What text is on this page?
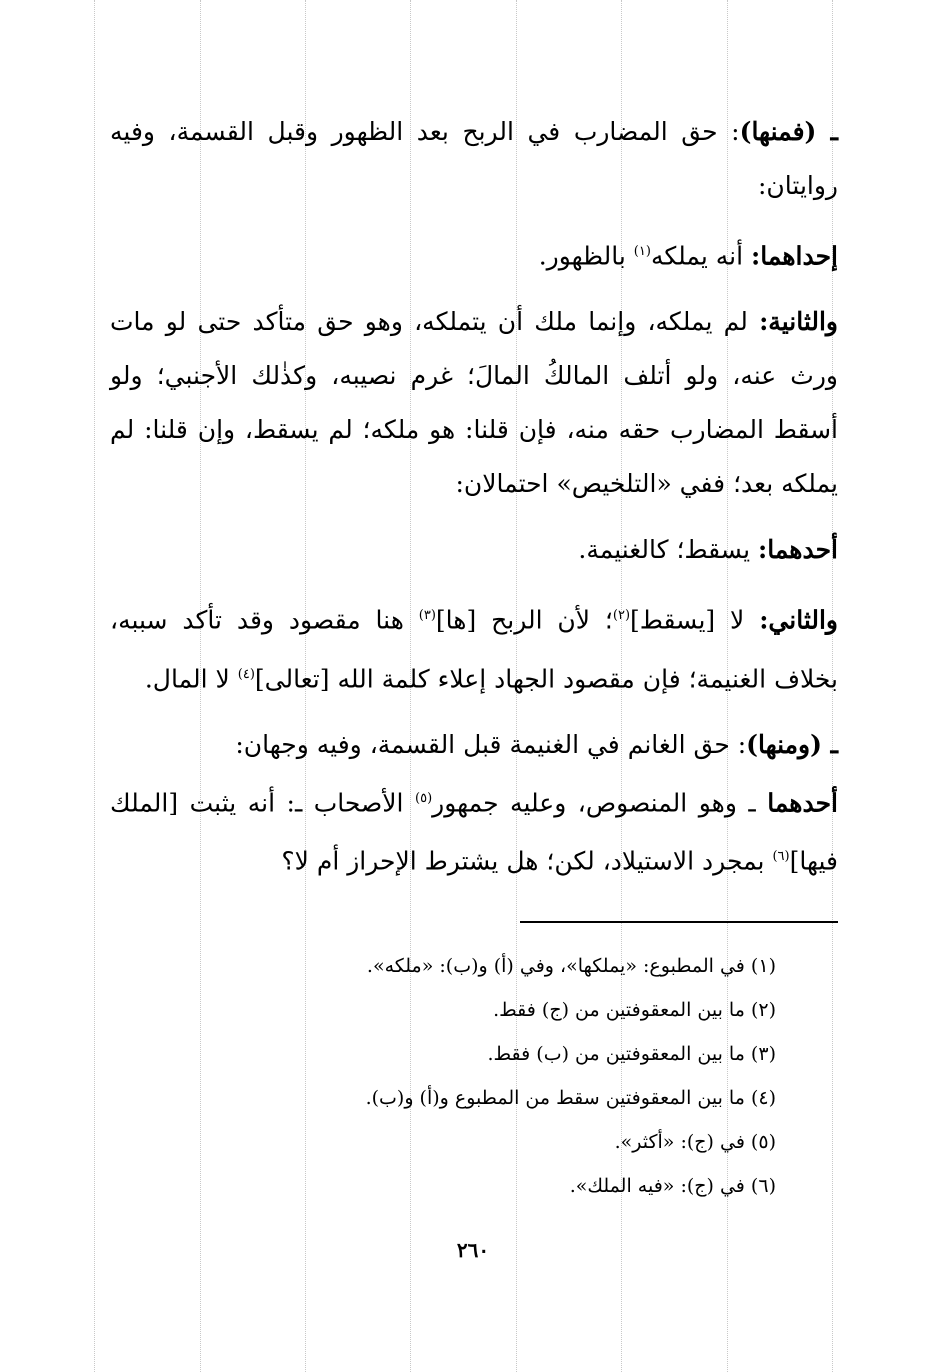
ـ (فمنها): حق المضارب في الربح بعد الظهور وقبل القسمة، وفيه روايتان:

إحداهما: أنه يملكه$^{(١)}$ بالظهور.

والثانية: لم يملكه، وإنما ملك أن يتملكه، وهو حق متأكد حتى لو مات ورث عنه، ولو أتلف المالكُ المالَ؛ غرم نصيبه، وكذٰلك الأجنبي؛ ولو أسقط المضارب حقه منه، فإن قلنا: هو ملكه؛ لم يسقط، وإن قلنا: لم يملكه بعد؛ ففي «التلخيص» احتمالان:

أحدهما: يسقط؛ كالغنيمة.

والثاني: لا [يسقط]$^{(٢)}$؛ لأن الربح [ها]$^{(٣)}$ هنا مقصود وقد تأكد سببه، بخلاف الغنيمة؛ فإن مقصود الجهاد إعلاء كلمة الله [تعالى]$^{(٤)}$ لا المال.

ـ (ومنها): حق الغانم في الغنيمة قبل القسمة، وفيه وجهان:

أحدهما ـ وهو المنصوص، وعليه جمهور$^{(٥)}$ الأصحاب ـ: أنه يثبت [الملك فيها]$^{(٦)}$ بمجرد الاستيلاد، لكن؛ هل يشترط الإحراز أم لا؟

(١) في المطبوع: «يملكها»، وفي (أ) و(ب): «ملكه».

(٢) ما بين المعقوفتين من (ج) فقط.

(٣) ما بين المعقوفتين من (ب) فقط.

(٤) ما بين المعقوفتين سقط من المطبوع و(أ) و(ب).

(٥) في (ج): «أكثر».

(٦) في (ج): «فيه الملك».

٢٦٠
